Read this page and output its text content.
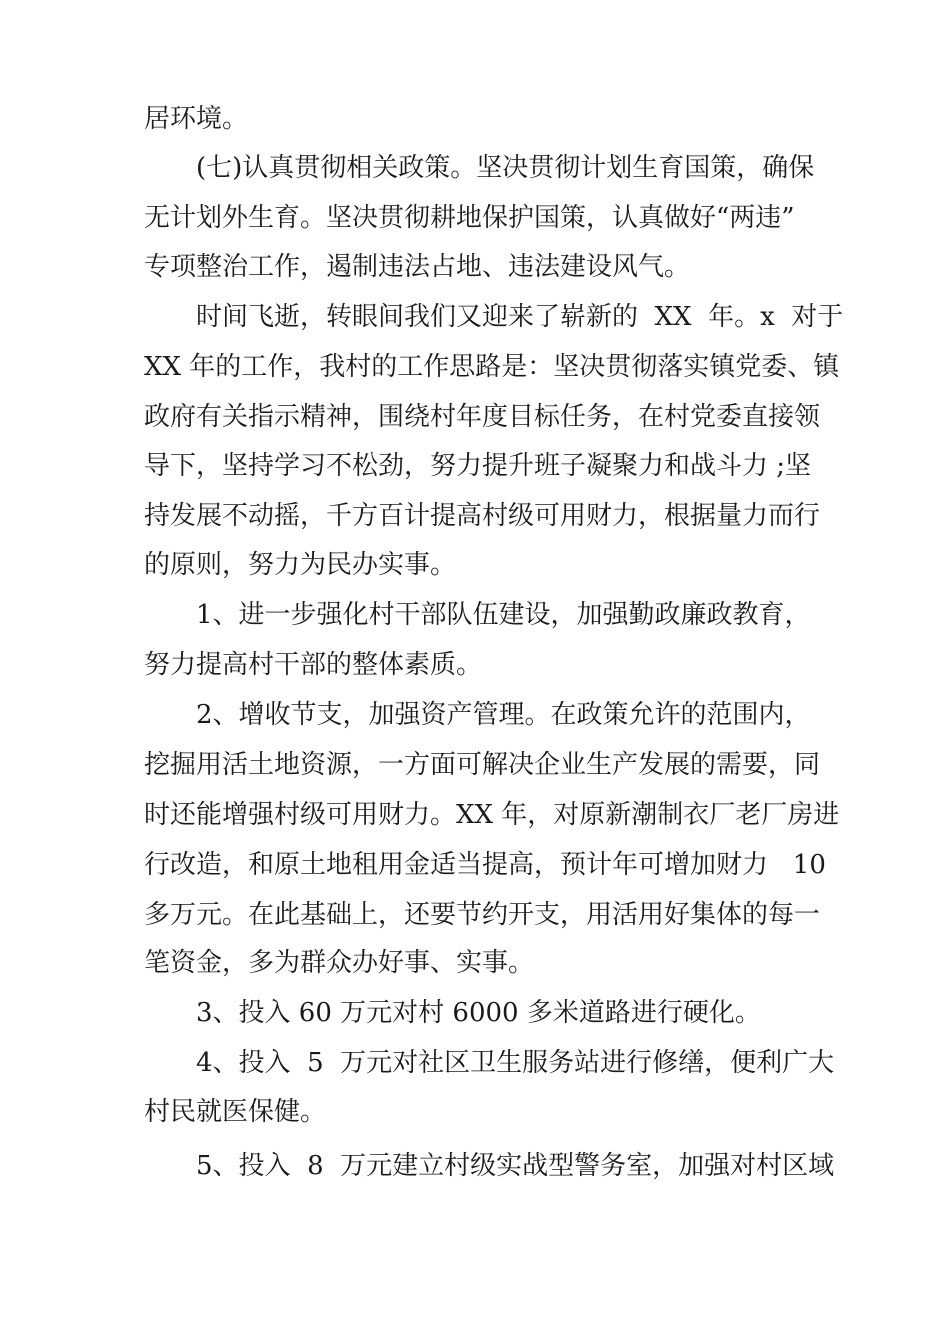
居环境。
(七)认真贯彻相关政策。坚决贯彻计划生育国策，确保
无计划外生育。坚决贯彻耕地保护国策，认真做好“两违”
专项整治工作，遏制违法占地、违法建设风气。
时间飞逝，转眼间我们又迎来了崭新的  XX  年。x  对于
XX 年的工作，我村的工作思路是：坚决贯彻落实镇党委、镇
政府有关指示精神，围绕村年度目标任务，在村党委直接领
导下，坚持学习不松劲，努力提升班子凝聚力和战斗力 ;坚
持发展不动摇，千方百计提高村级可用财力，根据量力而行
的原则，努力为民办实事。
1、进一步强化村干部队伍建设，加强勤政廉政教育，
努力提高村干部的整体素质。
2、增收节支，加强资产管理。在政策允许的范围内，
挖掘用活土地资源，一方面可解决企业生产发展的需要，同
时还能增强村级可用财力。XX 年，对原新潮制衣厂老厂房进
行改造，和原土地租用金适当提高，预计年可增加财力   10
多万元。在此基础上，还要节约开支，用活用好集体的每一
笔资金，多为群众办好事、实事。
3、投入 60 万元对村 6000 多米道路进行硬化。
4、投入  5  万元对社区卫生服务站进行修缮，便利广大
村民就医保健。
5、投入  8  万元建立村级实战型警务室，加强对村区域
